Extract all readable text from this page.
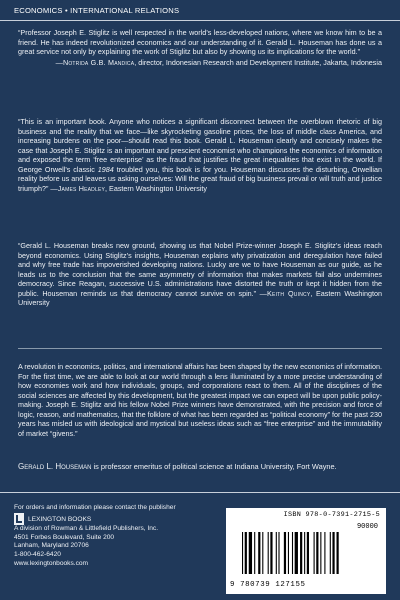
ECONOMICS • INTERNATIONAL RELATIONS

“Professor Joseph E. Stiglitz is well respected in the world’s less-developed nations, where we know him to be a friend. He has indeed revolutionized economics and our understanding of it. Gerald L. Houseman has done us a great service not only by explaining the work of Stiglitz but also by showing us its implications for the world.”

—Notrida G.B. Mandica, director, Indonesian Research and Development Institute, Jakarta, Indonesia

“This is an important book. Anyone who notices a significant disconnect between the overblown rhetoric of big business and the reality that we face—like skyrocketing gasoline prices, the loss of middle class America, and increasing burdens on the poor—should read this book. Gerald L. Houseman clearly and concisely makes the case that Joseph E. Stiglitz is an important and prescient economist who champions the economics of information and exposed the term ‘free enterprise’ as the fraud that justifies the great inequalities that exist in the world. If George Orwell’s classic 1984 troubled you, this book is for you. Houseman discusses the disturbing, Orwellian reality before us and leaves us asking ourselves: Will the great fraud of big business prevail or will truth and justice triumph?” —James Headley, Eastern Washington University

“Gerald L. Houseman breaks new ground, showing us that Nobel Prize-winner Joseph E. Stiglitz’s ideas reach beyond economics. Using Stiglitz’s insights, Houseman explains why privatization and deregulation have failed and why free trade has impoverished developing nations. Lucky are we to have Houseman as our guide, as he leads us to the conclusion that the same asymmetry of information that makes markets fail also undermines democracy. Since Reagan, successive U.S. administrations have distorted the truth or kept it hidden from the public. Houseman reminds us that democracy cannot survive on spin.” —Keith Quincy, Eastern Washington University

A revolution in economics, politics, and international affairs has been shaped by the new economics of information. For the first time, we are able to look at our world through a lens illuminated by a more precise understanding of how economies work and how individuals, groups, and corporations react to them. All of the disciplines of the social sciences are affected by this development, but the greatest impact we can expect will be upon public policy-making. Joseph E. Stiglitz and his fellow Nobel Prize winners have demonstrated, with the precision and force of logic, reason, and mathematics, that the folklore of what has been regarded as “political economy” for the past 230 years has misled us with ideological and mystical but useless ideas such as “free enterprise” and the immutability of market “givens.”

Gerald L. Houseman is professor emeritus of political science at Indiana University, Fort Wayne.
For orders and information please contact the publisher
LEXINGTON BOOKS
A division of Rowman & Littlefield Publishers, Inc.
4501 Forbes Boulevard, Suite 200
Lanham, Maryland 20706
1-800-462-6420
www.lexingtonbooks.com
ISBN 978-0-7391-2715-5
90000
9 780739 127155
